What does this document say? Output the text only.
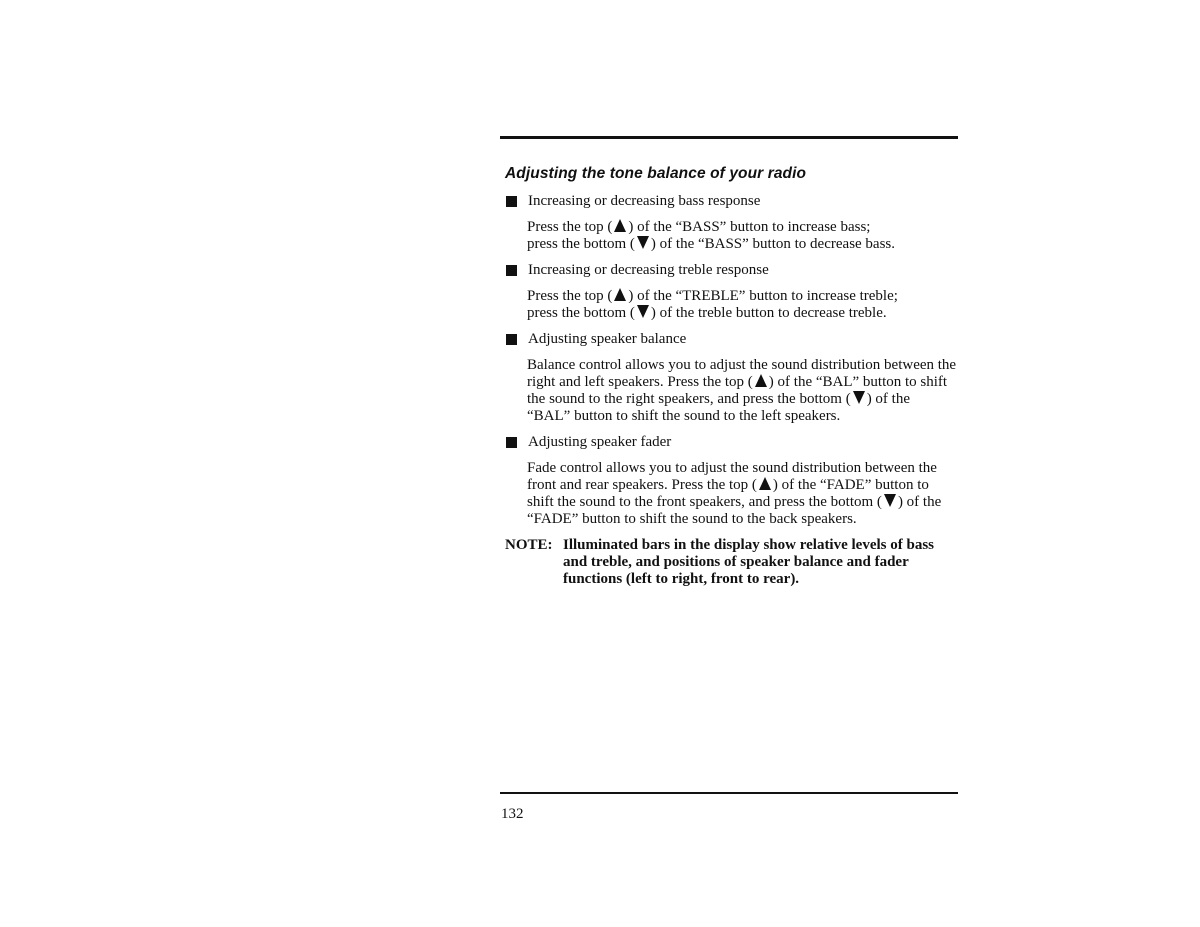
Adjusting the tone balance of your radio
Increasing or decreasing bass response
Press the top ( ) of the “BASS” button to increase bass;
press the bottom ( ) of the “BASS” button to decrease bass.
Increasing or decreasing treble response
Press the top ( ) of the “TREBLE” button to increase treble;
press the bottom ( ) of the treble button to decrease treble.
Adjusting speaker balance
Balance control allows you to adjust the sound distribution between the right and left speakers. Press the top ( ) of the “BAL” button to shift the sound to the right speakers, and press the bottom ( ) of the “BAL” button to shift the sound to the left speakers.
Adjusting speaker fader
Fade control allows you to adjust the sound distribution between the front and rear speakers. Press the top ( ) of the “FADE” button to shift the sound to the front speakers, and press the bottom ( ) of the “FADE” button to shift the sound to the back speakers.
NOTE: Illuminated bars in the display show relative levels of bass and treble, and positions of speaker balance and fader functions (left to right, front to rear).
132
